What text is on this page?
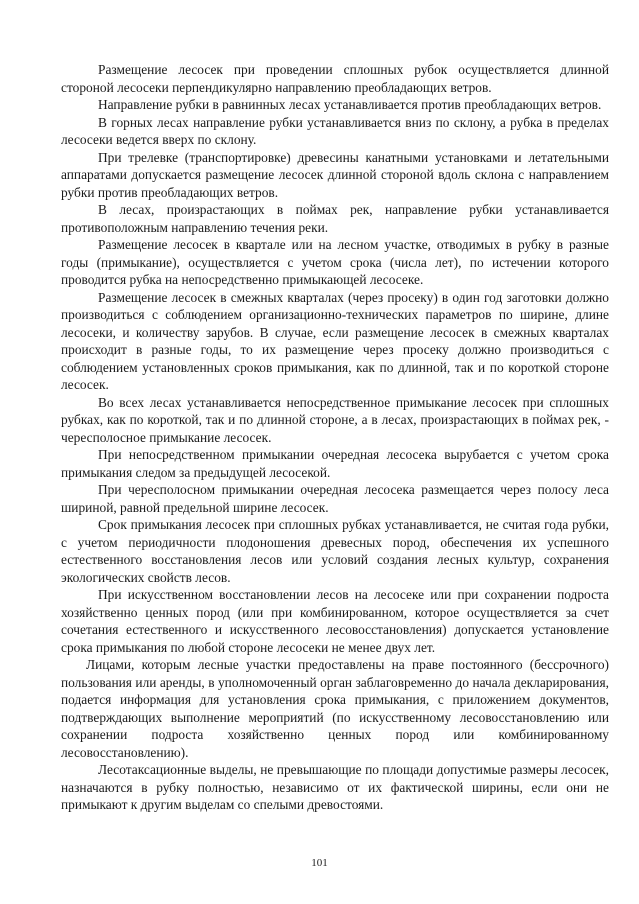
Размещение лесосек при проведении сплошных рубок осуществляется длинной стороной лесосеки перпендикулярно направлению преобладающих ветров.

Направление рубки в равнинных лесах устанавливается против преобладающих ветров.

В горных лесах направление рубки устанавливается вниз по склону, а рубка в пределах лесосеки ведется вверх по склону.

При трелевке (транспортировке) древесины канатными установками и летательными аппаратами допускается размещение лесосек длинной стороной вдоль склона с направлением рубки против преобладающих ветров.

В лесах, произрастающих в поймах рек, направление рубки устанавливается противоположным направлению течения реки.

Размещение лесосек в квартале или на лесном участке, отводимых в рубку в разные годы (примыкание), осуществляется с учетом срока (числа лет), по истечении которого проводится рубка на непосредственно примыкающей лесосеке.

Размещение лесосек в смежных кварталах (через просеку) в один год заготовки должно производиться с соблюдением организационно-технических параметров по ширине, длине лесосеки, и количеству зарубов. В случае, если размещение лесосек в смежных кварталах происходит в разные годы, то их размещение через просеку должно производиться с соблюдением установленных сроков примыкания, как по длинной, так и по короткой стороне лесосек.

Во всех лесах устанавливается непосредственное примыкание лесосек при сплошных рубках, как по короткой, так и по длинной стороне, а в лесах, произрастающих в поймах рек, - чересполосное примыкание лесосек.

При непосредственном примыкании очередная лесосека вырубается с учетом срока примыкания следом за предыдущей лесосекой.

При чересполосном примыкании очередная лесосека размещается через полосу леса шириной, равной предельной ширине лесосек.

Срок примыкания лесосек при сплошных рубках устанавливается, не считая года рубки, с учетом периодичности плодоношения древесных пород, обеспечения их успешного естественного восстановления лесов или условий создания лесных культур, сохранения экологических свойств лесов.

При искусственном восстановлении лесов на лесосеке или при сохранении подроста хозяйственно ценных пород (или при комбинированном, которое осуществляется за счет сочетания естественного и искусственного лесовосстановления) допускается установление срока примыкания по любой стороне лесосеки не менее двух лет.

Лицами, которым лесные участки предоставлены на праве постоянного (бессрочного) пользования или аренды, в уполномоченный орган заблаговременно до начала декларирования, подается информация для установления срока примыкания, с приложением документов, подтверждающих выполнение мероприятий (по искусственному лесовосстановлению или сохранении подроста хозяйственно ценных пород или комбинированному лесовосстановлению).

Лесотаксационные выделы, не превышающие по площади допустимые размеры лесосек, назначаются в рубку полностью, независимо от их фактической ширины, если они не примыкают к другим выделам со спелыми древостоями.

101
